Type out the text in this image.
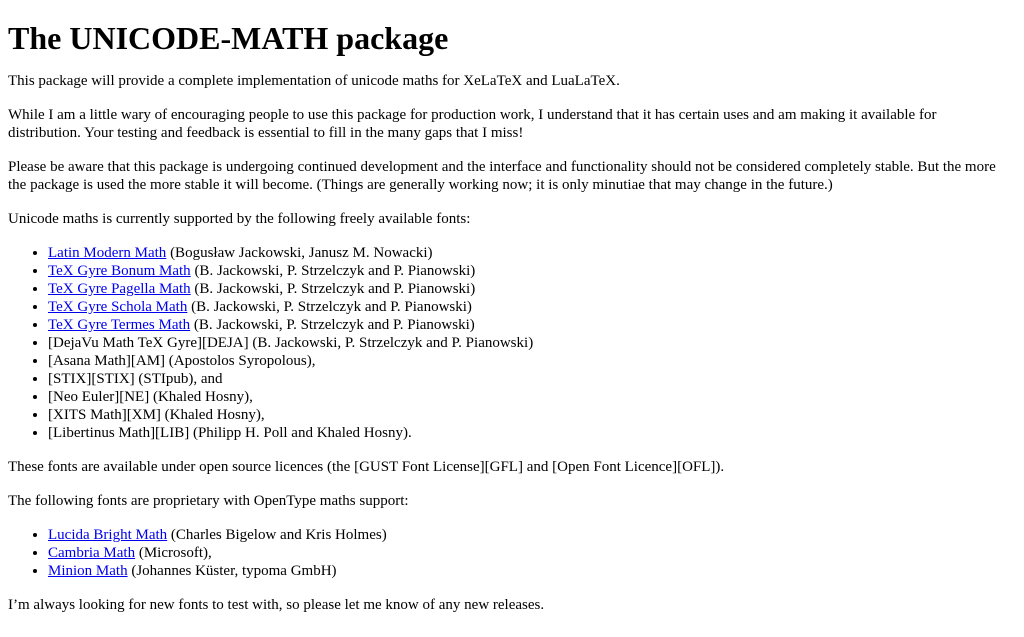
The UNICODE-MATH package

This package will provide a complete implementation of unicode maths for XeLaTeX and LuaLaTeX.

While I am a little wary of encouraging people to use this package for production work, I understand that it has certain uses and am making it available for distribution. Your testing and feedback is essential to fill in the many gaps that I miss!

Please be aware that this package is undergoing continued development and the interface and functionality should not be considered completely stable. But the more the package is used the more stable it will become. (Things are generally working now; it is only minutiae that may change in the future.)

Unicode maths is currently supported by the following freely available fonts:

• Latin Modern Math (Bogusław Jackowski, Janusz M. Nowacki)
• TeX Gyre Bonum Math (B. Jackowski, P. Strzelczyk and P. Pianowski)
• TeX Gyre Pagella Math (B. Jackowski, P. Strzelczyk and P. Pianowski)
• TeX Gyre Schola Math (B. Jackowski, P. Strzelczyk and P. Pianowski)
• TeX Gyre Termes Math (B. Jackowski, P. Strzelczyk and P. Pianowski)
• [DejaVu Math TeX Gyre][DEJA] (B. Jackowski, P. Strzelczyk and P. Pianowski)
• [Asana Math][AM] (Apostolos Syropolous),
• [STIX][STIX] (STIpub), and
• [Neo Euler][NE] (Khaled Hosny),
• [XITS Math][XM] (Khaled Hosny),
• [Libertinus Math][LIB] (Philipp H. Poll and Khaled Hosny).

These fonts are available under open source licences (the [GUST Font License][GFL] and [Open Font Licence][OFL]).

The following fonts are proprietary with OpenType maths support:

• Lucida Bright Math (Charles Bigelow and Kris Holmes)
• Cambria Math (Microsoft),
• Minion Math (Johannes Küster, typoma GmbH)

I’m always looking for new fonts to test with, so please let me know of any new releases.
